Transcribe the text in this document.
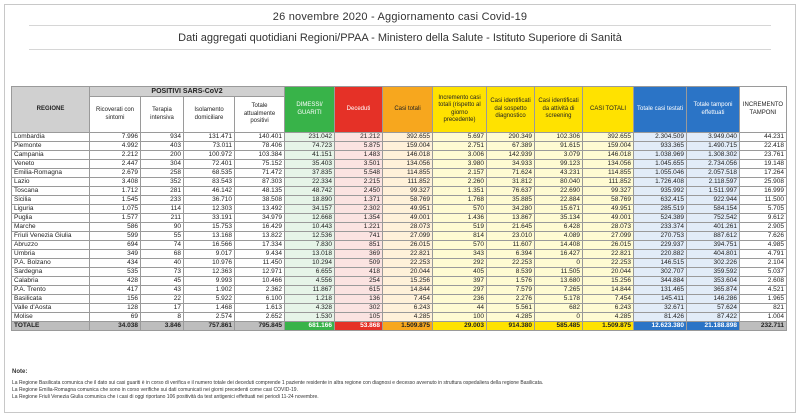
26 novembre 2020 - Aggiornamento casi Covid-19
Dati aggregati quotidiani Regioni/PPAA - Ministero della Salute - Istituto Superiore di Sanità
REGIONE	POSITIVI SARS-CoV2				DIMESSI/ GUARITI	Deceduti	Casi totali	Incremento casi totali (rispetto al giorno precedente)	Casi identificati dal sospetto diagnostico	Casi identificati da attività di screening	CASI TOTALI	Totale casi testati	Totale tamponi effettuati	INCREMENTO TAMPONI
	Ricoverati con sintomi	Terapia intensiva	Isolamento domiciliare	Totale attualmente positivi										
Lombardia	7.996	934	131.471	140.401	231.042	21.212	392.655	5.697	290.349	102.306	392.655	2.304.509	3.949.040	44.231
Piemonte	4.992	403	73.011	78.406	74.723	5.875	159.004	2.751	67.389	91.615	159.004	933.365	1.490.715	22.418
Campania	2.212	200	100.972	103.384	41.151	1.483	146.018	3.006	142.939	3.079	146.018	1.038.969	1.308.302	23.761
Veneto	2.447	304	72.401	75.152	35.403	3.501	134.056	3.980	34.933	99.123	134.056	1.045.655	2.734.056	19.148
Emilia-Romagna	2.679	258	68.535	71.472	37.835	5.548	114.855	2.157	71.624	43.231	114.855	1.055.046	2.057.518	17.264
Lazio	3.408	352	83.543	87.303	22.334	2.215	111.852	2.260	31.812	80.040	111.852	1.726.408	2.118.597	25.908
Toscana	1.712	281	46.142	48.135	48.742	2.450	99.327	1.351	76.637	22.690	99.327	935.992	1.511.997	16.999
Sicilia	1.545	233	36.710	38.508	18.890	1.371	58.769	1.768	35.885	22.884	58.769	632.415	922.944	11.500
Liguria	1.075	114	12.303	13.492	34.157	2.302	49.951	570	34.280	15.671	49.951	285.519	584.154	5.705
Puglia	1.577	211	33.191	34.979	12.668	1.354	49.001	1.436	13.867	35.134	49.001	524.389	752.542	9.612
Marche	586	90	15.753	16.429	10.443	1.221	28.073	519	21.645	6.428	28.073	233.374	401.261	2.905
Friuli Venezia Giulia	599	55	13.168	13.822	12.536	741	27.099	814	23.010	4.089	27.099	270.753	887.612	7.626
Abruzzo	694	74	16.566	17.334	7.830	851	26.015	570	11.607	14.408	26.015	229.937	394.751	4.985
Umbria	349	68	9.017	9.434	13.018	369	22.821	343	6.394	16.427	22.821	220.882	404.801	4.791
P.A. Bolzano	434	40	10.976	11.450	10.294	509	22.253	292	22.253	0	22.253	146.515	302.226	2.104
Sardegna	535	73	12.363	12.971	6.655	418	20.044	405	8.539	11.505	20.044	302.707	359.592	5.037
Calabria	428	45	9.993	10.466	4.556	254	15.256	397	1.576	13.680	15.256	344.884	353.604	2.608
P.A. Trento	417	43	1.902	2.362	11.867	615	14.844	297	7.579	7.265	14.844	131.465	365.874	4.521
Basilicata	156	22	5.922	6.100	1.218	136	7.454	236	2.276	5.178	7.454	145.411	146.286	1.965
Valle d'Aosta	128	17	1.468	1.613	4.328	302	6.243	44	5.561	682	6.243	32.671	57.624	821
Molise	69	8	2.574	2.652	1.530	105	4.285	100	4.285	0	4.285	81.426	87.422	1.004
TOTALE	34.038	3.846	757.861	795.845	681.166	53.868	1.509.875	29.003	914.380	585.485	1.509.875	12.623.380	21.188.898	232.711
Note:
La Regione Basilicata comunica che il dato sui casi guariti è in corso di verifica e il numero totale dei deceduti comprende 1 paziente residente in altra regione con diagnosi e decesso avvenuto in struttura ospedaliera della regione Basilicata.
La Regione Emilia-Romagna comunica che sono in corso verifiche sui dati comunicati nei giorni precedenti come casi COVID-19.
La Regione Friuli Venezia Giulia comunica che i casi di oggi riportano 106 positività da test antigenici effettuati nei periodi 11-24 novembre.
